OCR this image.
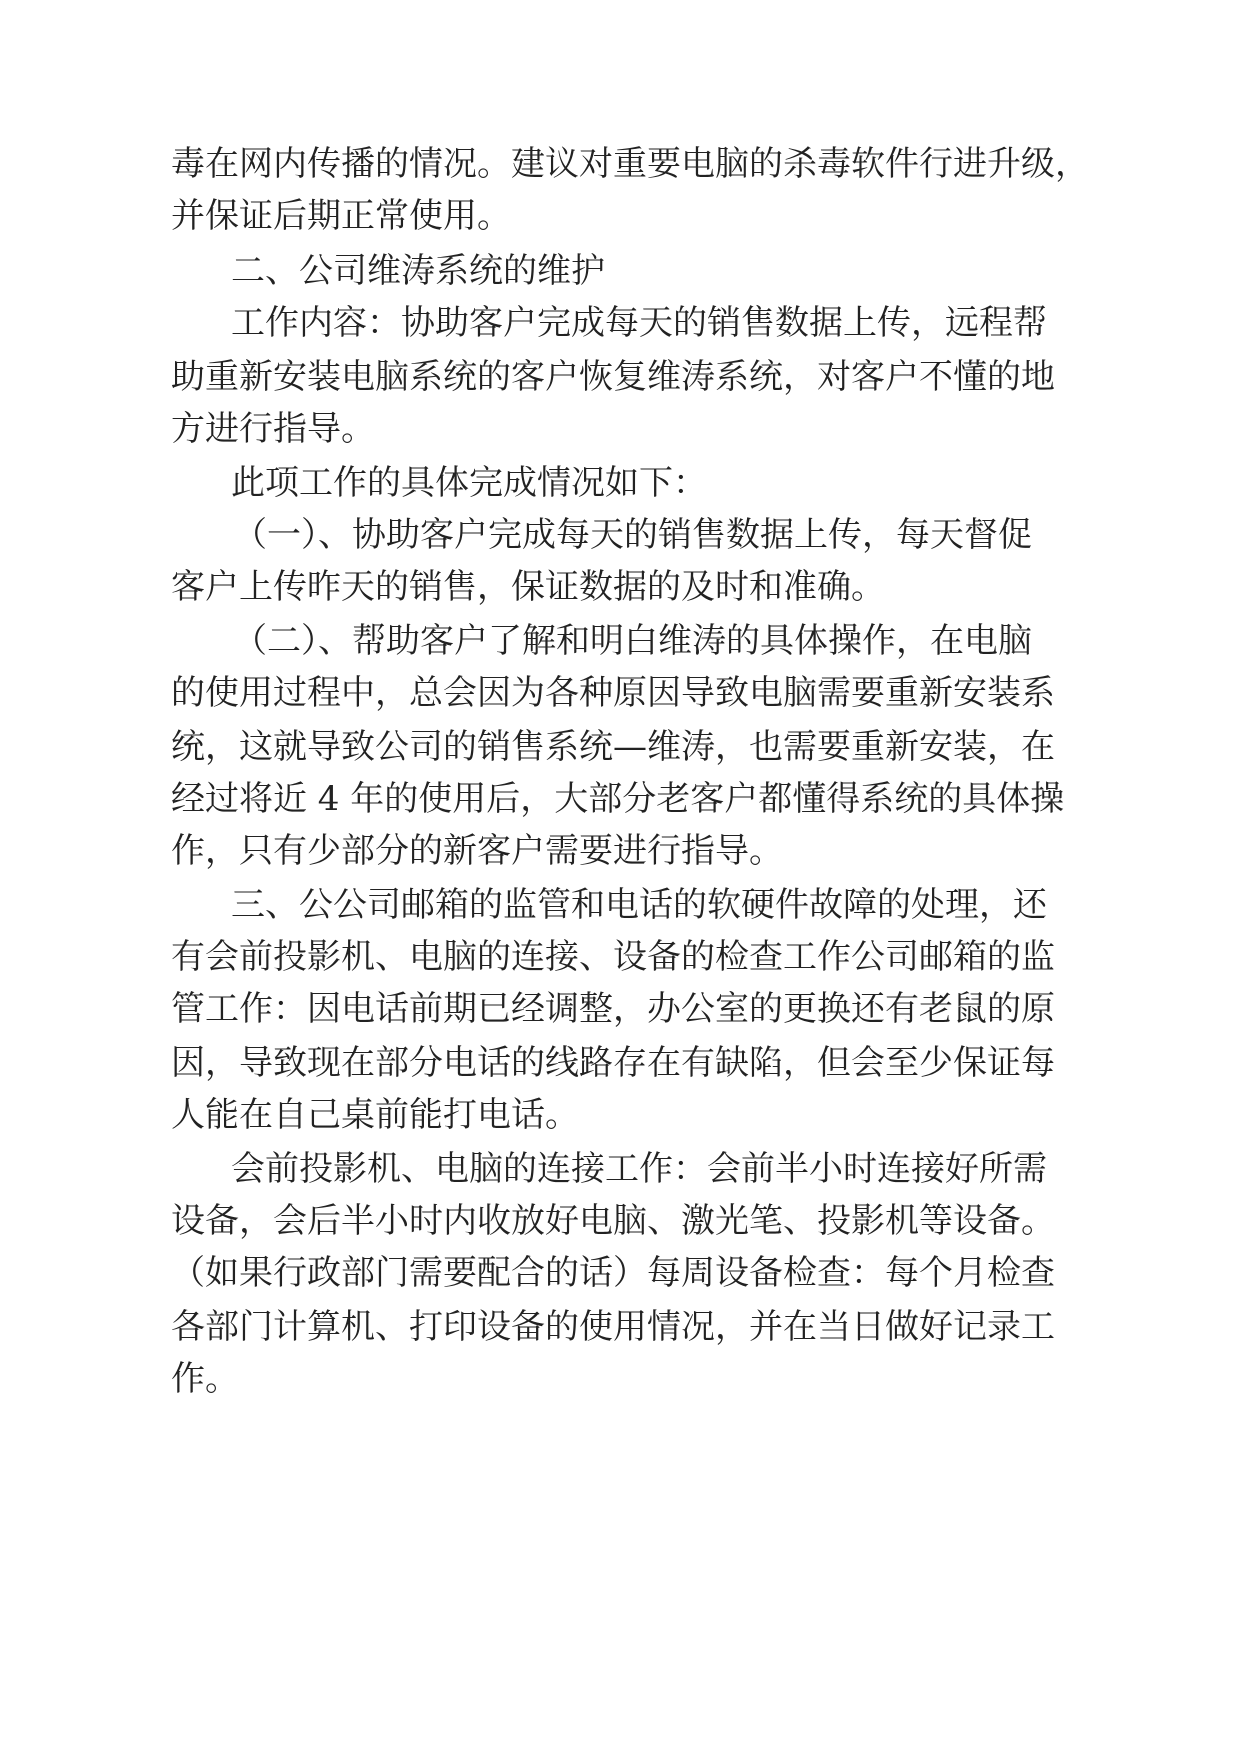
毒在网内传播的情况。建议对重要电脑的杀毒软件行进升级，
并保证后期正常使用。
二、公司维涛系统的维护
工作内容：协助客户完成每天的销售数据上传，远程帮
助重新安装电脑系统的客户恢复维涛系统，对客户不懂的地
方进行指导。
此项工作的具体完成情况如下：
（一）、协助客户完成每天的销售数据上传，每天督促
客户上传昨天的销售，保证数据的及时和准确。
（二）、帮助客户了解和明白维涛的具体操作，在电脑
的使用过程中，总会因为各种原因导致电脑需要重新安装系
统，这就导致公司的销售系统—维涛，也需要重新安装，在
经过将近 4 年的使用后，大部分老客户都懂得系统的具体操
作，只有少部分的新客户需要进行指导。
三、公公司邮箱的监管和电话的软硬件故障的处理，还
有会前投影机、电脑的连接、设备的检查工作公司邮箱的监
管工作：因电话前期已经调整，办公室的更换还有老鼠的原
因，导致现在部分电话的线路存在有缺陷，但会至少保证每
人能在自己桌前能打电话。
会前投影机、电脑的连接工作：会前半小时连接好所需
设备，会后半小时内收放好电脑、激光笔、投影机等设备。
（如果行政部门需要配合的话）每周设备检查：每个月检查
各部门计算机、打印设备的使用情况，并在当日做好记录工
作。
